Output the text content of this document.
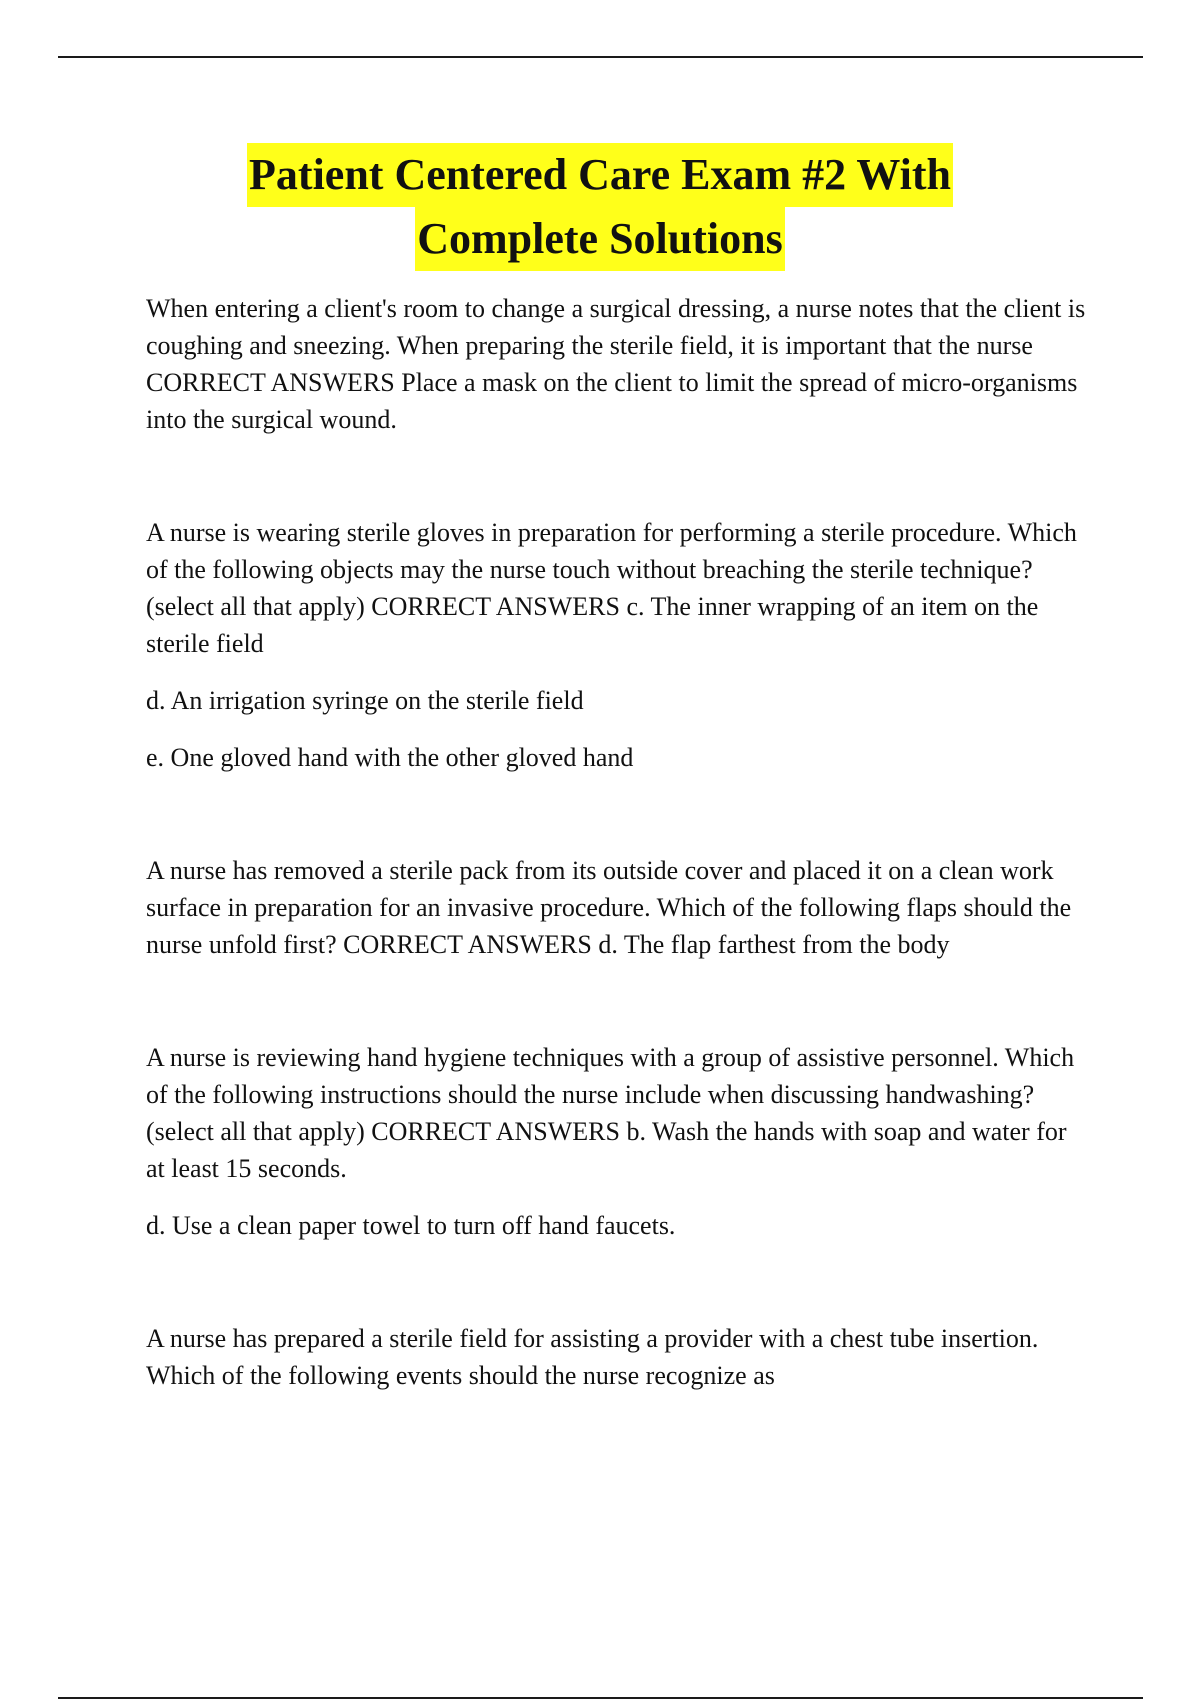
Patient Centered Care Exam #2 With
Complete Solutions

When entering a client's room to change a surgical dressing, a nurse notes that the client is coughing and sneezing. When preparing the sterile field, it is important that the nurse CORRECT ANSWERS Place a mask on the client to limit the spread of micro-organisms into the surgical wound.

A nurse is wearing sterile gloves in preparation for performing a sterile procedure. Which of the following objects may the nurse touch without breaching the sterile technique? (select all that apply) CORRECT ANSWERS c. The inner wrapping of an item on the sterile field

d. An irrigation syringe on the sterile field

e. One gloved hand with the other gloved hand

A nurse has removed a sterile pack from its outside cover and placed it on a clean work surface in preparation for an invasive procedure. Which of the following flaps should the nurse unfold first? CORRECT ANSWERS d. The flap farthest from the body

A nurse is reviewing hand hygiene techniques with a group of assistive personnel. Which of the following instructions should the nurse include when discussing handwashing? (select all that apply) CORRECT ANSWERS b. Wash the hands with soap and water for at least 15 seconds.

d. Use a clean paper towel to turn off hand faucets.

A nurse has prepared a sterile field for assisting a provider with a chest tube insertion. Which of the following events should the nurse recognize as
